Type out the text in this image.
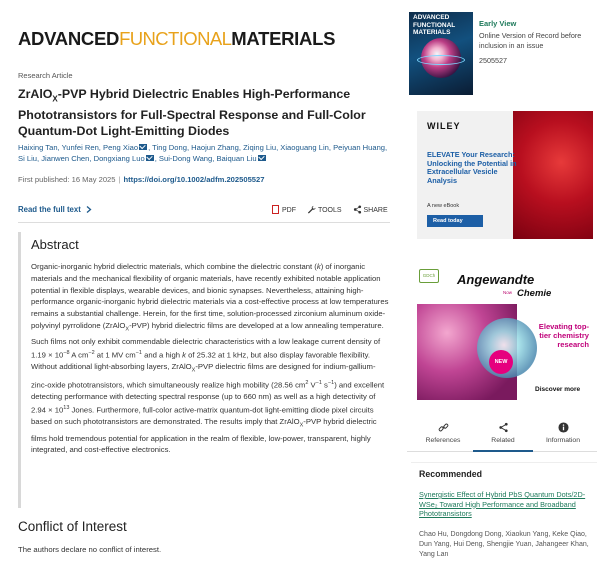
ADVANCEDFUNCTIONALMATERIALS
Research Article
ZrAlO$_X$-PVP Hybrid Dielectric Enables High-Performance Phototransistors for Full-Spectral Response and Full-Color Quantum-Dot Light-Emitting Diodes
Haixing Tan, Yunfei Ren, Peng Xiao , Ting Dong, Haojun Zhang, Ziqing Liu, Xiaoguang Lin, Peiyuan Huang, Si Liu, Jianwen Chen, Dongxiang Luo , Sui-Dong Wang, Baiquan Liu
First published: 16 May 2025 | https://doi.org/10.1002/adfm.202505527
Read the full text	PDF	TOOLS	SHARE
Abstract

Organic-inorganic hybrid dielectric materials, which combine the dielectric constant (k) of inorganic materials and the mechanical flexibility of organic materials, have recently exhibited notable application potential in flexible displays, wearable devices, and bionic synapses. Nevertheless, attaining high-performance organic-inorganic hybrid dielectric materials via a cost-effective process at low temperatures remains a substantial challenge. Herein, for the first time, solution-processed zirconium aluminum oxide-polyvinyl pyrrolidone (ZrAlO$_X$-PVP) hybrid dielectric films are developed at a low annealing temperature. Such films not only exhibit commendable dielectric characteristics with a low leakage current density of $1.19 \times 10^{-8}$ A $cm^{-2}$ at 1 MV $cm^{-1}$ and a high k of 25.32 at 1 kHz, but also display favorable flexibility. Without additional light-absorbing layers, ZrAlO$_X$-PVP dielectric films are designed for indium-gallium-zinc-oxide phototransistors, which simultaneously realize high mobility (28.56 $cm^2$ $V^{-1}$ $s^{-1}$) and excellent detecting performance with detecting spectral response (up to 660 nm) as well as a high detectivity of $2.94 \times 10^{13}$ Jones. Furthermore, full-color active-matrix quantum-dot light-emitting diode pixel circuits based on such phototransistors are demonstrated. The results imply that ZrAlO$_X$-PVP hybrid dielectric films hold tremendous potential for application in the realm of flexible, low-power, transparent, highly integrated, and cost-effective electronics.

Conflict of Interest
The authors declare no conflict of interest.
ADVANCED
FUNCTIONAL
MATERIALS
Early View
Online Version of Record before inclusion in an issue
2505527
WILEY
ELEVATE Your Research: Unlocking the Potential in Extracellular Vesicle Analysis
A new eBook
Read today
GDCh Angewandte
Now Chemie
NEW
Elevating top-tier chemistry research
Discover more
References	Related	Information
Recommended
Synergistic Effect of Hybrid PbS Quantum Dots/2D-WSe₂ Toward High Performance and Broadband Phototransistors
Chao Hu, Dongdong Dong, Xiaokun Yang, Keke Qiao, Dun Yang, Hui Deng, Shengjie Yuan, Jahangeer Khan, Yang Lan
